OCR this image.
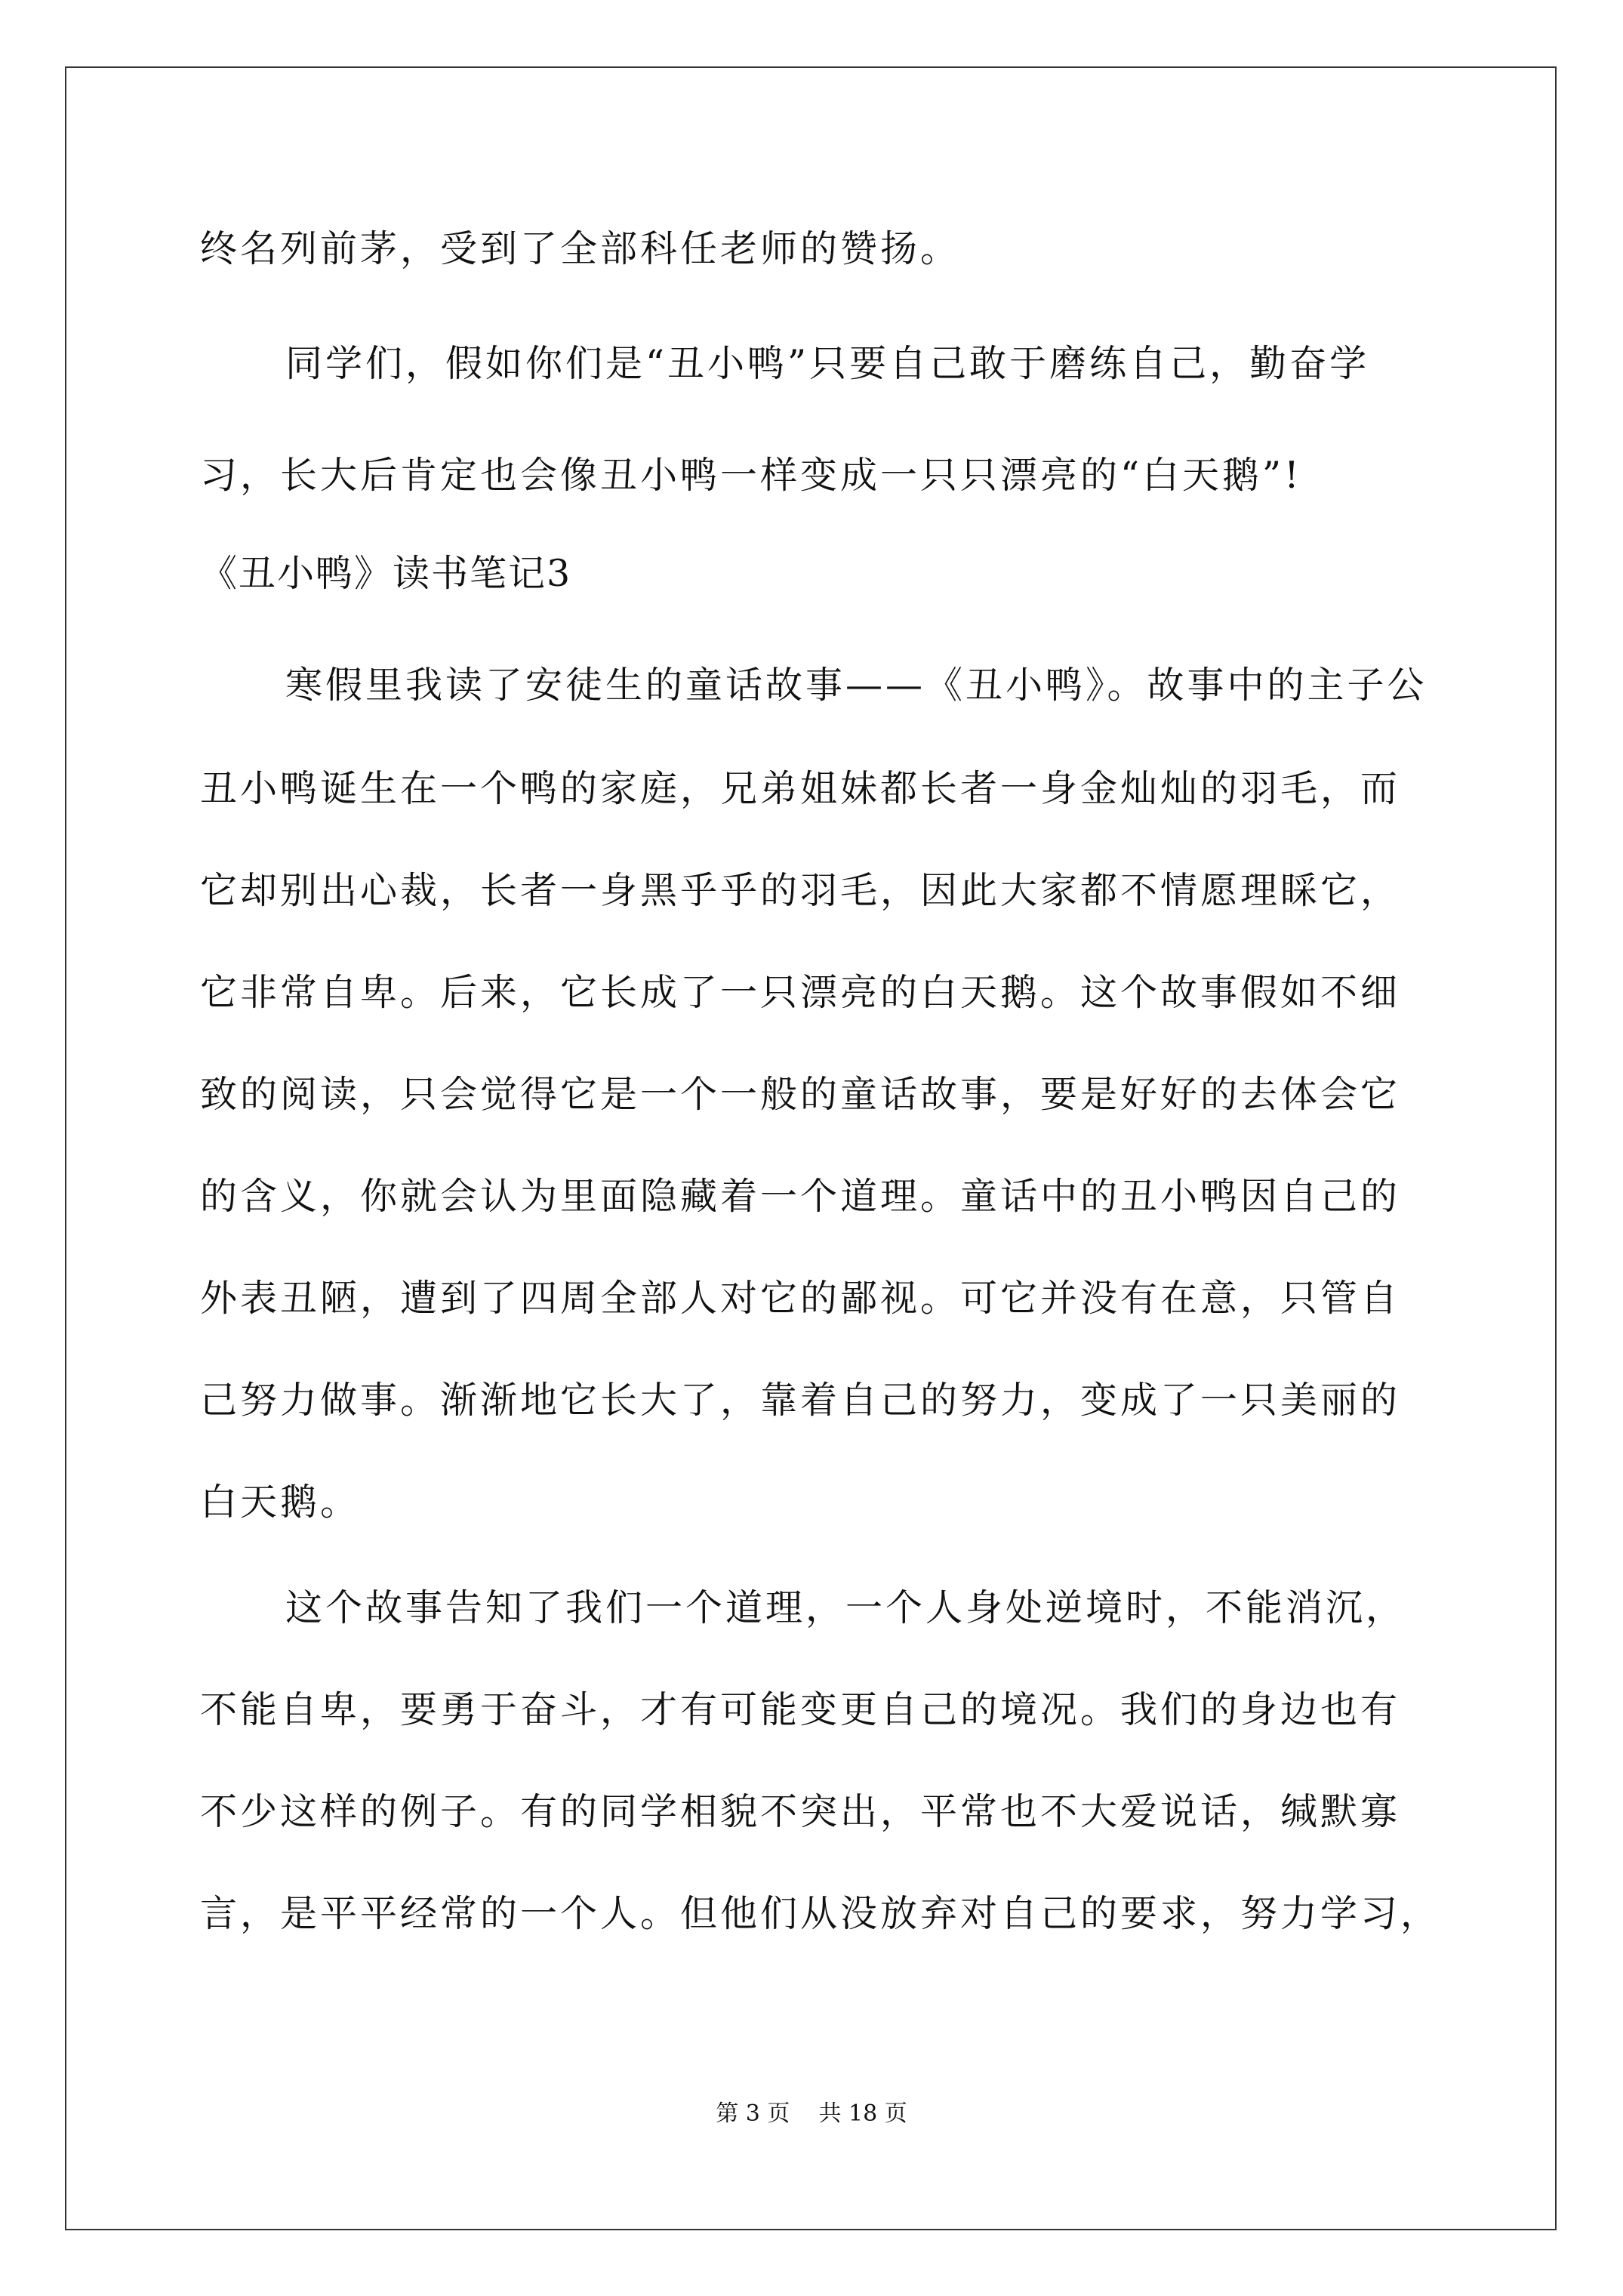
终名列前茅，受到了全部科任老师的赞扬。
同学们，假如你们是“丑小鸭”只要自己敢于磨练自己，勤奋学
习，长大后肯定也会像丑小鸭一样变成一只只漂亮的“白天鹅”!
《丑小鸭》读书笔记3
寒假里我读了安徒生的童话故事——《丑小鸭》。故事中的主子公
丑小鸭诞生在一个鸭的家庭，兄弟姐妹都长者一身金灿灿的羽毛，而
它却别出心裁，长者一身黑乎乎的羽毛，因此大家都不情愿理睬它，
它非常自卑。后来，它长成了一只漂亮的白天鹅。这个故事假如不细
致的阅读，只会觉得它是一个一般的童话故事，要是好好的去体会它
的含义，你就会认为里面隐藏着一个道理。童话中的丑小鸭因自己的
外表丑陋，遭到了四周全部人对它的鄙视。可它并没有在意，只管自
己努力做事。渐渐地它长大了，靠着自己的努力，变成了一只美丽的
白天鹅。
这个故事告知了我们一个道理，一个人身处逆境时，不能消沉，
不能自卑，要勇于奋斗，才有可能变更自己的境况。我们的身边也有
不少这样的例子。有的同学相貌不突出，平常也不大爱说话，缄默寡
言，是平平经常的一个人。但他们从没放弃对自己的要求，努力学习，
第 3 页    共 18 页
